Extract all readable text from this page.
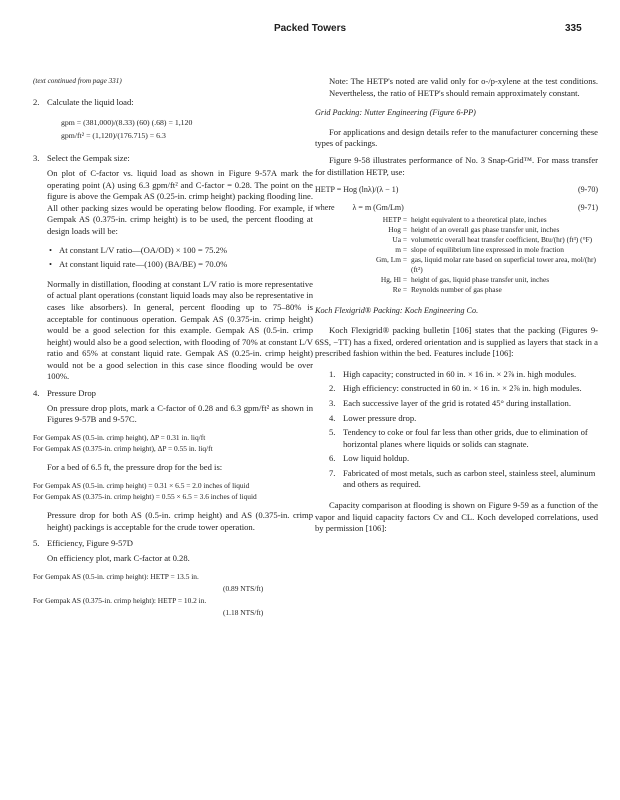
Packed Towers	335

(text continued from page 331)

2. Calculate the liquid load:
gpm = (381,000)/(8.33) (60) (.68) = 1,120
gpm/ft² = (1,120)/(176.715) = 6.3
3. Select the Gempak size:

On plot of C-factor vs. liquid load as shown in Figure 9-57A mark the operating point (A) using 6.3 gpm/ft² and C-factor = 0.28. The point on the figure is above the Gempak AS (0.25-in. crimp height) packing flooding line. All other packing sizes would be operating below flooding. For example, if Gempak AS (0.375-in. crimp height) is to be used, the percent flooding at design loads will be:

• At constant L/V ratio—(OA/OD) × 100 = 75.2%
• At constant liquid rate—(100) (BA/BE) = 70.0%

Normally in distillation, flooding at constant L/V ratio is more representative of actual plant operations (constant liquid loads may also be representative in cases like absorbers). In general, percent flooding up to 75–80% is acceptable for continuous operation. Gempak AS (0.375-in. crimp height) would be a good selection for this example. Gempak AS (0.5-in. crimp height) would also be a good selection, with flooding of 70% at constant L/V ratio and 65% at constant liquid rate. Gempak AS (0.25-in. crimp height) would not be a good selection in this case since flooding would be over 100%.

4. Pressure Drop

On pressure drop plots, mark a C-factor of 0.28 and 6.3 gpm/ft² as shown in Figures 9-57B and 9-57C.

For Gempak AS (0.5-in. crimp height), ΔP = 0.31 in. liq/ft

For Gempak AS (0.375-in. crimp height), ΔP = 0.55 in. liq/ft

For a bed of 6.5 ft, the pressure drop for the bed is:

For Gempak AS (0.5-in. crimp height) = 0.31 × 6.5 = 2.0 inches of liquid

For Gempak AS (0.375-in. crimp height) = 0.55 × 6.5 = 3.6 inches of liquid

Pressure drop for both AS (0.5-in. crimp height) and AS (0.375-in. crimp height) packings is acceptable for the crude tower operation.

5. Efficiency, Figure 9-57D

On efficiency plot, mark C-factor at 0.28.

For Gempak AS (0.5-in. crimp height): HETP = 13.5 in.
(0.89 NTS/ft)
For Gempak AS (0.375-in. crimp height): HETP = 10.2 in.
(1.18 NTS/ft)

Note: The HETP's noted are valid only for o-/p-xylene at the test conditions. Nevertheless, the ratio of HETP's should remain approximately constant.

Grid Packing: Nutter Engineering (Figure 6-PP)

For applications and design details refer to the manufacturer concerning these types of packings.

Figure 9-58 illustrates performance of No. 3 Snap-Grid™. For mass transfer for distillation HETP, use:

HETP = Hog (lnλ)/(λ − 1)	(9-70)
where λ = m (Gm/Lm)	(9-71)
HETP = height equivalent to a theoretical plate, inches
Hog = height of an overall gas phase transfer unit, inches
Ua = volumetric overall heat transfer coefficient, Btu/(hr) (ft³) (°F)
m = slope of equilibrium line expressed in mole fraction
Gm, Lm = gas, liquid molar rate based on superficial tower area, mol/(hr) (ft²)
Hg, Hl = height of gas, liquid phase transfer unit, inches
Re = Reynolds number of gas phase

Koch Flexigrid® Packing: Koch Engineering Co.

Koch Flexigrid® packing bulletin [106] states that the packing (Figures 9-6SS, −TT) has a fixed, ordered orientation and is supplied as layers that stack in a prescribed fashion within the bed. Features include [106]:

1. High capacity; constructed in 60 in. × 16 in. × 2⅞ in. high modules.
2. High efficiency: constructed in 60 in. × 16 in. × 2⅞ in. high modules.
3. Each successive layer of the grid is rotated 45° during installation.
4. Lower pressure drop.
5. Tendency to coke or foul far less than other grids, due to elimination of horizontal planes where liquids or solids can stagnate.
6. Low liquid holdup.
7. Fabricated of most metals, such as carbon steel, stainless steel, aluminum and others as required.

Capacity comparison at flooding is shown on Figure 9-59 as a function of the vapor and liquid capacity factors Cv and CL. Koch developed correlations, used by permission [106]:
